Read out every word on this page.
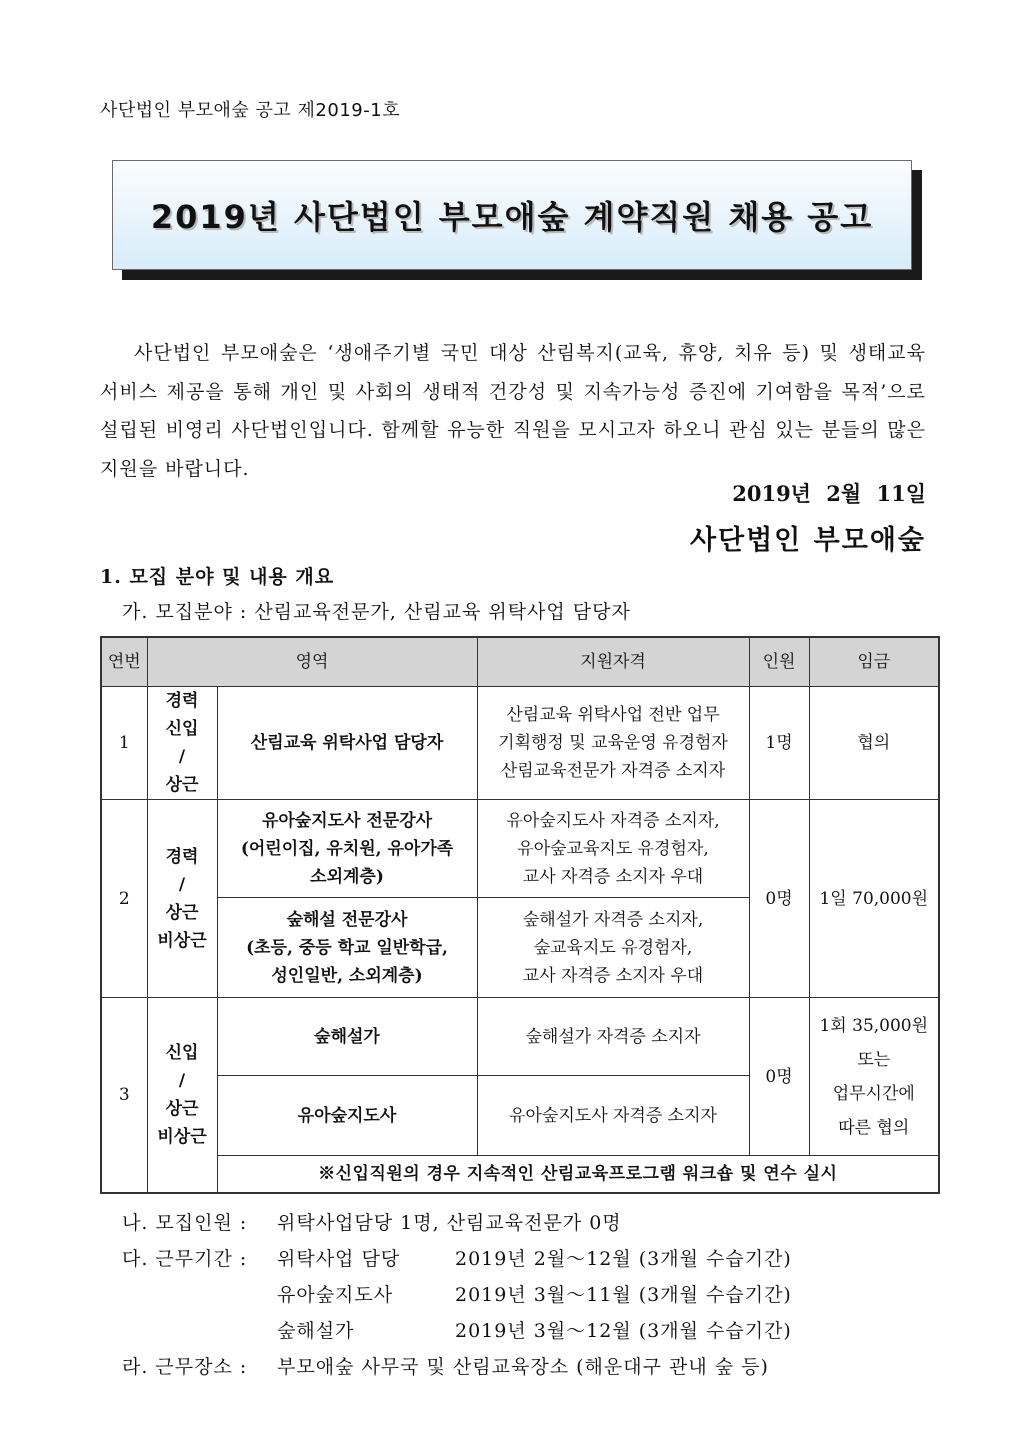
사단법인 부모애숲 공고 제2019-1호
2019년 사단법인 부모애숲 계약직원 채용 공고

사단법인 부모애숲은 ‘생애주기별 국민 대상 산림복지(교육, 휴양, 치유 등) 및 생태교육 서비스 제공을 통해 개인 및 사회의 생태적 건강성 및 지속가능성 증진에 기여함을 목적’으로 설립된 비영리 사단법인입니다. 함께할 유능한 직원을 모시고자 하오니 관심 있는 분들의 많은 지원을 바랍니다.

2019년 2월 11일
사단법인 부모애숲
1. 모집 분야 및 내용 개요
가. 모집분야 : 산림교육전문가, 산림교육 위탁사업 담당자
연번	영역		지원자격	인원	임금
1	경력
신입
/
상근	산림교육 위탁사업 담당자	산림교육 위탁사업 전반 업무
기획행정 및 교육운영 유경험자
산림교육전문가 자격증 소지자	1명	협의
2	경력
/
상근
비상근	유아숲지도사 전문강사
(어린이집, 유치원, 유아가족
소외계층)	유아숲지도사 자격증 소지자,
유아숲교육지도 유경험자,
교사 자격증 소지자 우대	0명	1일 70,000원

		숲해설 전문강사
(초등, 중등 학교 일반학급,
성인일반, 소외계층)	숲해설가 자격증 소지자,
숲교육지도 유경험자,
교사 자격증 소지자 우대		

3	신입
/
상근
비상근	숲해설가	숲해설가 자격증 소지자	0명	1회 35,000원
또는
업무시간에
따른 협의

		유아숲지도사	유아숲지도사 자격증 소지자		
		※신입직원의 경우 지속적인 산림교육프로그램 워크숍 및 연수 실시			
나. 모집인원 : 위탁사업담당 1명, 산림교육전문가 0명
다. 근무기간 : 위탁사업 담당	2019년 2월～12월 (3개월 수습기간)
유아숲지도사	2019년 3월～11월 (3개월 수습기간)
숲해설가	2019년 3월～12월 (3개월 수습기간)
라. 근무장소 : 부모애숲 사무국 및 산림교육장소 (해운대구 관내 숲 등)
